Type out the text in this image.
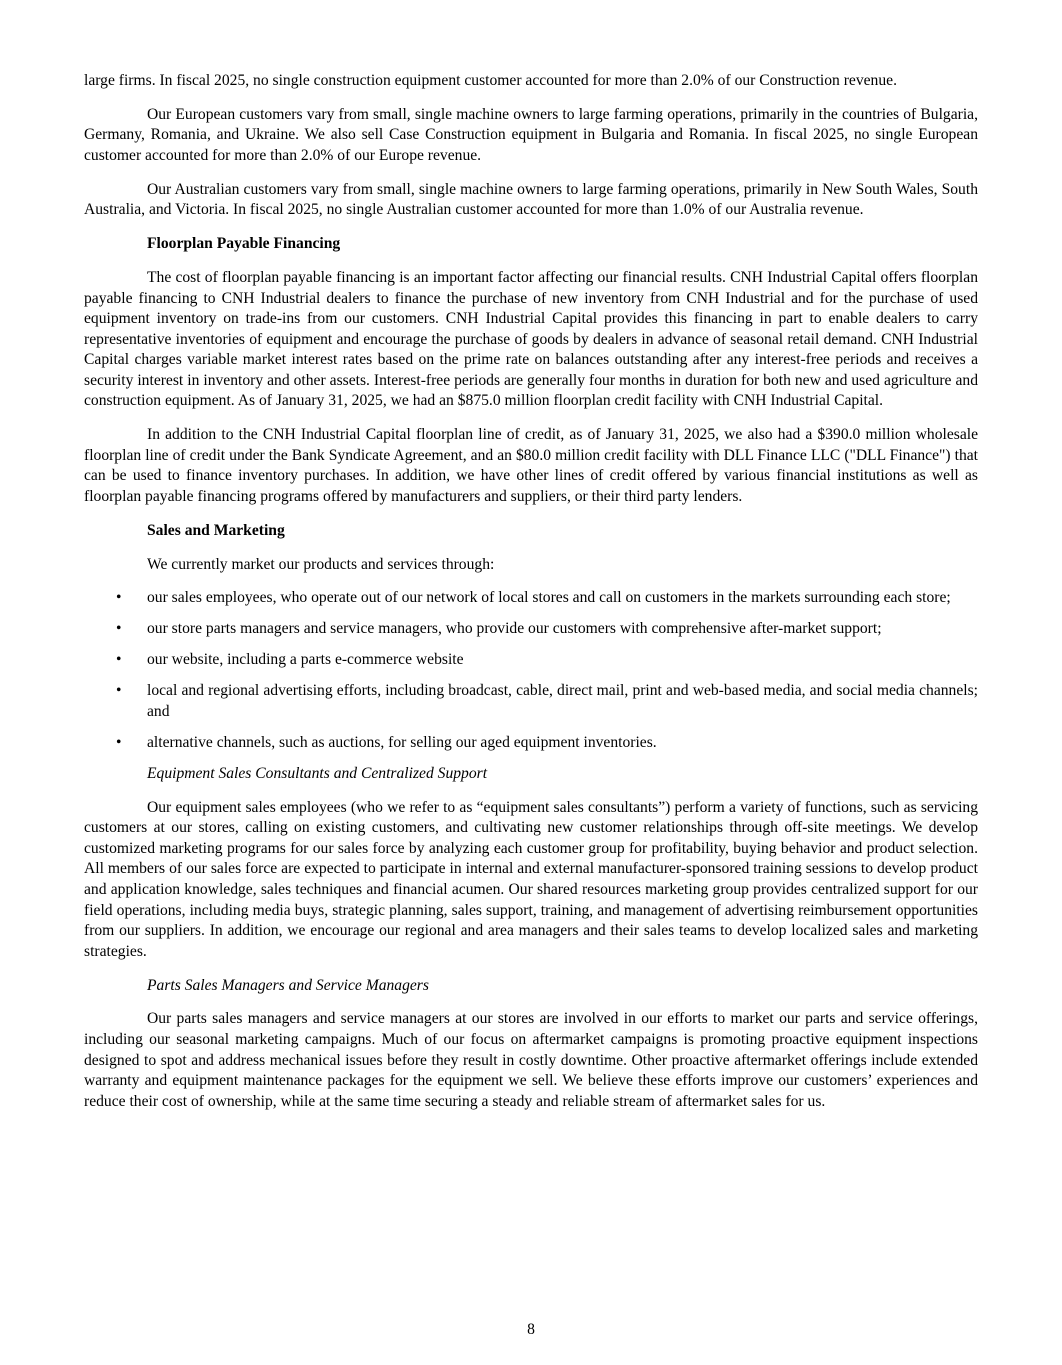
large firms. In fiscal 2025, no single construction equipment customer accounted for more than 2.0% of our Construction revenue.

Our European customers vary from small, single machine owners to large farming operations, primarily in the countries of Bulgaria, Germany, Romania, and Ukraine. We also sell Case Construction equipment in Bulgaria and Romania. In fiscal 2025, no single European customer accounted for more than 2.0% of our Europe revenue.

Our Australian customers vary from small, single machine owners to large farming operations, primarily in New South Wales, South Australia, and Victoria. In fiscal 2025, no single Australian customer accounted for more than 1.0% of our Australia revenue.

Floorplan Payable Financing

The cost of floorplan payable financing is an important factor affecting our financial results. CNH Industrial Capital offers floorplan payable financing to CNH Industrial dealers to finance the purchase of new inventory from CNH Industrial and for the purchase of used equipment inventory on trade-ins from our customers. CNH Industrial Capital provides this financing in part to enable dealers to carry representative inventories of equipment and encourage the purchase of goods by dealers in advance of seasonal retail demand. CNH Industrial Capital charges variable market interest rates based on the prime rate on balances outstanding after any interest-free periods and receives a security interest in inventory and other assets. Interest-free periods are generally four months in duration for both new and used agriculture and construction equipment. As of January 31, 2025, we had an $875.0 million floorplan credit facility with CNH Industrial Capital.

In addition to the CNH Industrial Capital floorplan line of credit, as of January 31, 2025, we also had a $390.0 million wholesale floorplan line of credit under the Bank Syndicate Agreement, and an $80.0 million credit facility with DLL Finance LLC ("DLL Finance") that can be used to finance inventory purchases. In addition, we have other lines of credit offered by various financial institutions as well as floorplan payable financing programs offered by manufacturers and suppliers, or their third party lenders.

Sales and Marketing

We currently market our products and services through:

• our sales employees, who operate out of our network of local stores and call on customers in the markets surrounding each store;
• our store parts managers and service managers, who provide our customers with comprehensive after-market support;
• our website, including a parts e-commerce website
• local and regional advertising efforts, including broadcast, cable, direct mail, print and web-based media, and social media channels; and
• alternative channels, such as auctions, for selling our aged equipment inventories.
Equipment Sales Consultants and Centralized Support

Our equipment sales employees (who we refer to as “equipment sales consultants”) perform a variety of functions, such as servicing customers at our stores, calling on existing customers, and cultivating new customer relationships through off-site meetings. We develop customized marketing programs for our sales force by analyzing each customer group for profitability, buying behavior and product selection. All members of our sales force are expected to participate in internal and external manufacturer-sponsored training sessions to develop product and application knowledge, sales techniques and financial acumen. Our shared resources marketing group provides centralized support for our field operations, including media buys, strategic planning, sales support, training, and management of advertising reimbursement opportunities from our suppliers. In addition, we encourage our regional and area managers and their sales teams to develop localized sales and marketing strategies.

Parts Sales Managers and Service Managers

Our parts sales managers and service managers at our stores are involved in our efforts to market our parts and service offerings, including our seasonal marketing campaigns. Much of our focus on aftermarket campaigns is promoting proactive equipment inspections designed to spot and address mechanical issues before they result in costly downtime. Other proactive aftermarket offerings include extended warranty and equipment maintenance packages for the equipment we sell. We believe these efforts improve our customers’ experiences and reduce their cost of ownership, while at the same time securing a steady and reliable stream of aftermarket sales for us.

8
